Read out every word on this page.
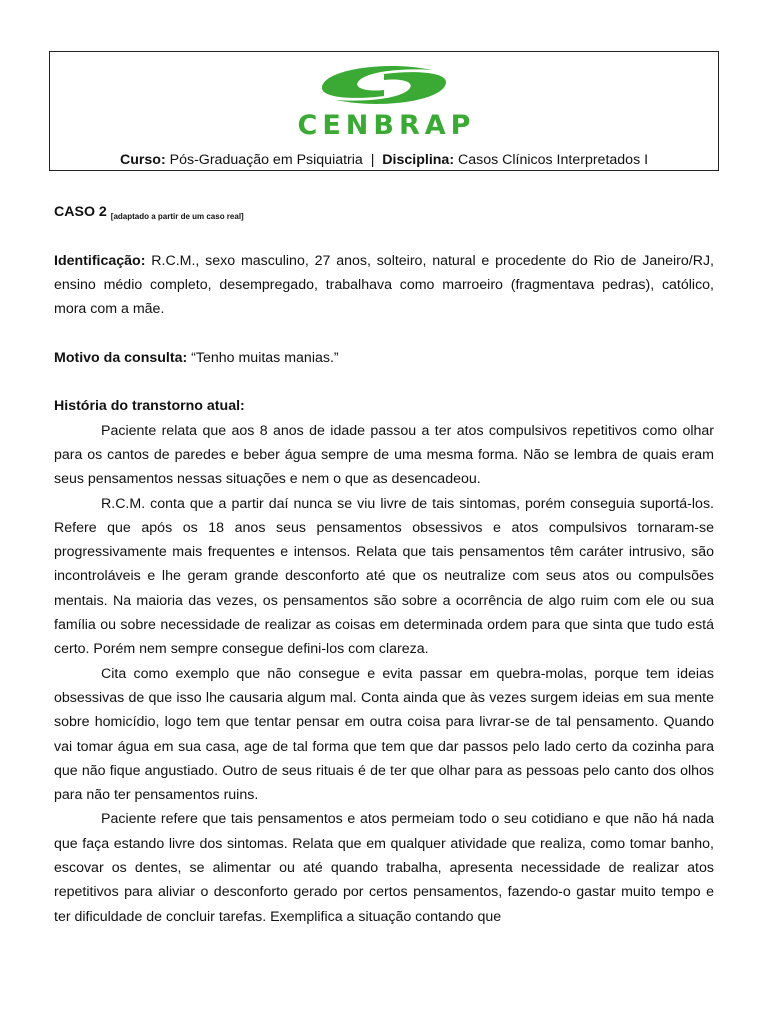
CENBRAP
Curso: Pós-Graduação em Psiquiatria | Disciplina: Casos Clínicos Interpretados I

CASO 2 [adaptado a partir de um caso real]

Identificação: R.C.M., sexo masculino, 27 anos, solteiro, natural e procedente do Rio de Janeiro/RJ, ensino médio completo, desempregado, trabalhava como marroeiro (fragmentava pedras), católico, mora com a mãe.

Motivo da consulta: “Tenho muitas manias.”

História do transtorno atual:

Paciente relata que aos 8 anos de idade passou a ter atos compulsivos repetitivos como olhar para os cantos de paredes e beber água sempre de uma mesma forma. Não se lembra de quais eram seus pensamentos nessas situações e nem o que as desencadeou.

R.C.M. conta que a partir daí nunca se viu livre de tais sintomas, porém conseguia suportá-los. Refere que após os 18 anos seus pensamentos obsessivos e atos compulsivos tornaram-se progressivamente mais frequentes e intensos. Relata que tais pensamentos têm caráter intrusivo, são incontroláveis e lhe geram grande desconforto até que os neutralize com seus atos ou compulsões mentais. Na maioria das vezes, os pensamentos são sobre a ocorrência de algo ruim com ele ou sua família ou sobre necessidade de realizar as coisas em determinada ordem para que sinta que tudo está certo. Porém nem sempre consegue defini-los com clareza.

Cita como exemplo que não consegue e evita passar em quebra-molas, porque tem ideias obsessivas de que isso lhe causaria algum mal. Conta ainda que às vezes surgem ideias em sua mente sobre homicídio, logo tem que tentar pensar em outra coisa para livrar-se de tal pensamento. Quando vai tomar água em sua casa, age de tal forma que tem que dar passos pelo lado certo da cozinha para que não fique angustiado. Outro de seus rituais é de ter que olhar para as pessoas pelo canto dos olhos para não ter pensamentos ruins.

Paciente refere que tais pensamentos e atos permeiam todo o seu cotidiano e que não há nada que faça estando livre dos sintomas. Relata que em qualquer atividade que realiza, como tomar banho, escovar os dentes, se alimentar ou até quando trabalha, apresenta necessidade de realizar atos repetitivos para aliviar o desconforto gerado por certos pensamentos, fazendo-o gastar muito tempo e ter dificuldade de concluir tarefas. Exemplifica a situação contando que
